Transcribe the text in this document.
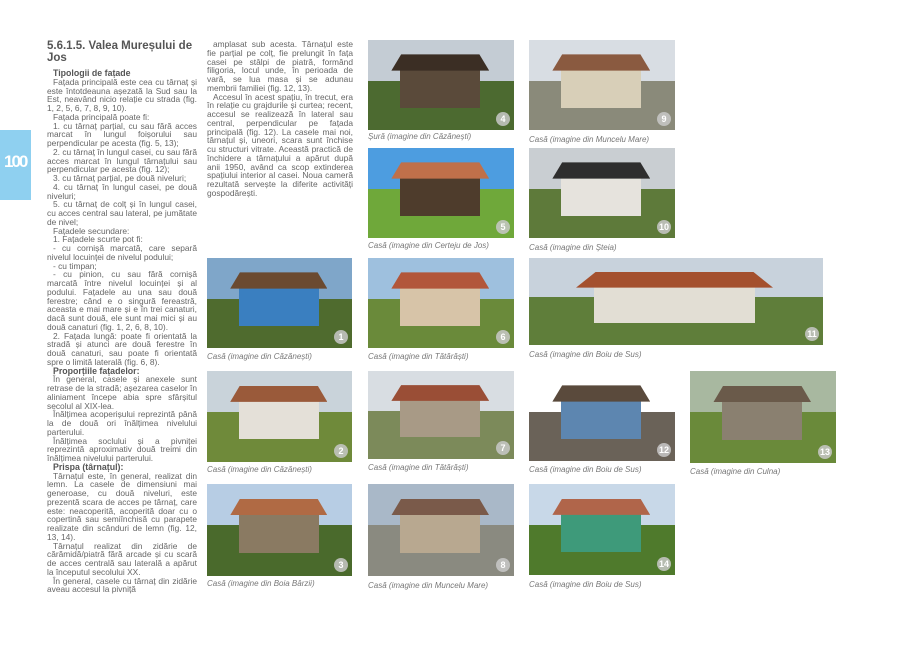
100
5.6.1.5. Valea Mureșului de Jos

Tipologii de fațade

Fațada principală este cea cu târnaț și este întotdeauna așezată la Sud sau la Est, neavând nicio relație cu strada (fig. 1, 2, 5, 6, 7, 8, 9, 10).

Fațada principală poate fi:

1. cu târnaț parțial, cu sau fără acces marcat în lungul foișorului sau perpendicular pe acesta (fig. 5, 13);

2. cu târnaț în lungul casei, cu sau fără acces marcat în lungul târnațului sau perpendicular pe acesta (fig. 12);

3. cu târnaț parțial, pe două niveluri;

4. cu târnaț în lungul casei, pe două niveluri;

5. cu târnaț de colț și în lungul casei, cu acces central sau lateral, pe jumătate de nivel;

Fațadele secundare:

1. Fațadele scurte pot fi:

- cu cornișă marcată, care separă nivelul locuinței de nivelul podului;

- cu timpan;

- cu pinion, cu sau fără cornișă marcată între nivelul locuinței și al podului. Fațadele au una sau două ferestre; când e o singură fereastră, aceasta e mai mare și e în trei canaturi, dacă sunt două, ele sunt mai mici și au două canaturi (fig. 1, 2, 6, 8, 10).

2. Fațada lungă: poate fi orientată la stradă și atunci are două ferestre în două canaturi, sau poate fi orientată spre o limită laterală (fig. 6, 8).

Proporțiile fațadelor:

În general, casele și anexele sunt retrase de la stradă; așezarea caselor în aliniament începe abia spre sfârșitul secolul al XIX-lea.

Înălțimea acoperișului reprezintă până la de două ori înălțimea nivelului parterului.

Înălțimea soclului și a pivniței reprezintă aproximativ două treimi din înălțimea nivelului parterului.

Prispa (târnațul):

Târnațul este, în general, realizat din lemn. La casele de dimensiuni mai generoase, cu două niveluri, este prezentă scara de acces pe târnaț, care este: neacoperită, acoperită doar cu o copertină sau semiînchisă cu parapete realizate din scânduri de lemn (fig. 12, 13, 14).

Târnațul realizat din zidărie de cărămidă/piatră fără arcade și cu scară de acces centrală sau laterală a apărut la începutul secolului XX.

În general, casele cu târnaț din zidărie aveau accesul la pivniță

amplasat sub acesta. Târnațul este fie parțial pe colț, fie prelungit în fața casei pe stâlpi de piatră, formând filigoria, locul unde, în perioada de vară, se lua masa și se adunau membrii familiei (fig. 12, 13).

Accesul în acest spațiu, în trecut, era în relație cu grajdurile și curtea; recent, accesul se realizează în lateral sau central, perpendicular pe fațada principală (fig. 12). La casele mai noi, târnațul și, uneori, scara sunt închise cu structuri vitrate. Această practică de închidere a târnațului a apărut după anii 1950, având ca scop extinderea spațiului interior al casei. Noua cameră rezultată servește la diferite activități gospodărești.

1
Casă (imagine din Căzănești)
2
Casă (imagine din Căzănești)
3
Casă (imagine din Boia Bârzii)
4
Șură (imagine din Căzănești)
5
Casă (imagine din Certeju de Jos)
6
Casă (imagine din Tătărăști)
7
Casă (imagine din Tătărăști)
8
Casă (imagine din Muncelu Mare)
9
Casă (imagine din Muncelu Mare)
10
Casă (imagine din Șteia)
11
Casă (imagine din Boiu de Sus)
12
Casă (imagine din Boiu de Sus)
13
Casă (imagine din Culna)
14
Casă (imagine din Boiu de Sus)
